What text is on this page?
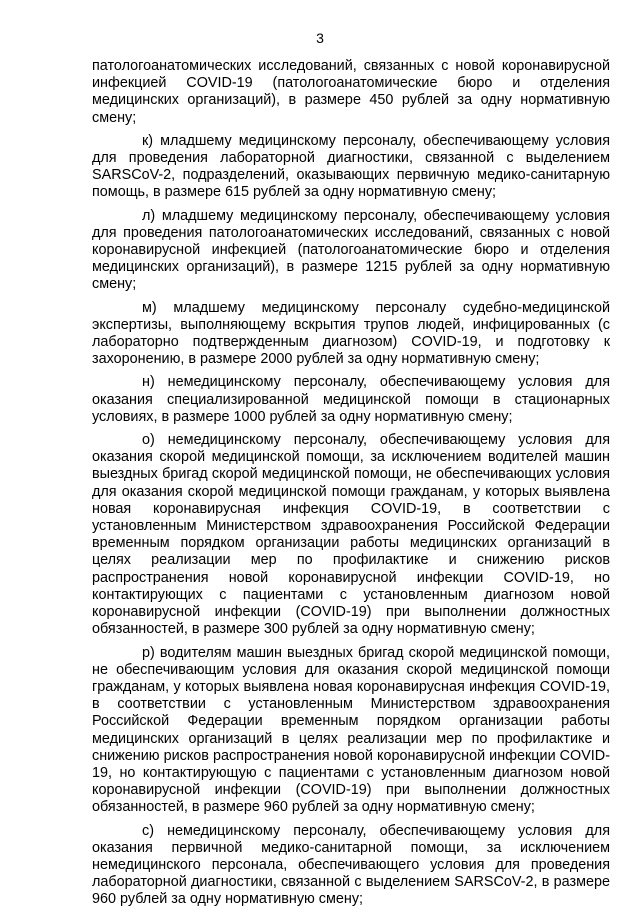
3

патологоанатомических исследований, связанных с новой коронавирусной инфекцией COVID-19 (патологоанатомические бюро и отделения медицинских организаций), в размере 450 рублей за одну нормативную смену;

к) младшему медицинскому персоналу, обеспечивающему условия для проведения лабораторной диагностики, связанной с выделением SARSCoV-2, подразделений, оказывающих первичную медико-санитарную помощь, в размере 615 рублей за одну нормативную смену;

л) младшему медицинскому персоналу, обеспечивающему условия для проведения патологоанатомических исследований, связанных с новой коронавирусной инфекцией (патологоанатомические бюро и отделения медицинских организаций), в размере 1215 рублей за одну нормативную смену;

м) младшему медицинскому персоналу судебно-медицинской экспертизы, выполняющему вскрытия трупов людей, инфицированных (с лабораторно подтвержденным диагнозом) COVID-19, и подготовку к захоронению, в размере 2000 рублей за одну нормативную смену;

н) немедицинскому персоналу, обеспечивающему условия для оказания специализированной медицинской помощи в стационарных условиях, в размере 1000 рублей за одну нормативную смену;

о) немедицинскому персоналу, обеспечивающему условия для оказания скорой медицинской помощи, за исключением водителей машин выездных бригад скорой медицинской помощи, не обеспечивающих условия для оказания скорой медицинской помощи гражданам, у которых выявлена новая коронавирусная инфекция COVID-19, в соответствии с установленным Министерством здравоохранения Российской Федерации временным порядком организации работы медицинских организаций в целях реализации мер по профилактике и снижению рисков распространения новой коронавирусной инфекции COVID-19, но контактирующих с пациентами с установленным диагнозом новой коронавирусной инфекции (COVID-19) при выполнении должностных обязанностей, в размере 300 рублей за одну нормативную смену;

р) водителям машин выездных бригад скорой медицинской помощи, не обеспечивающим условия для оказания скорой медицинской помощи гражданам, у которых выявлена новая коронавирусная инфекция COVID-19, в соответствии с установленным Министерством здравоохранения Российской Федерации временным порядком организации работы медицинских организаций в целях реализации мер по профилактике и снижению рисков распространения новой коронавирусной инфекции COVID-19, но контактирующую с пациентами с установленным диагнозом новой коронавирусной инфекции (COVID-19) при выполнении должностных обязанностей, в размере 960 рублей за одну нормативную смену;

с) немедицинскому персоналу, обеспечивающему условия для оказания первичной медико-санитарной помощи, за исключением немедицинского персонала, обеспечивающего условия для проведения лабораторной диагностики, связанной с выделением SARSCoV-2, в размере 960 рублей за одну нормативную смену;
